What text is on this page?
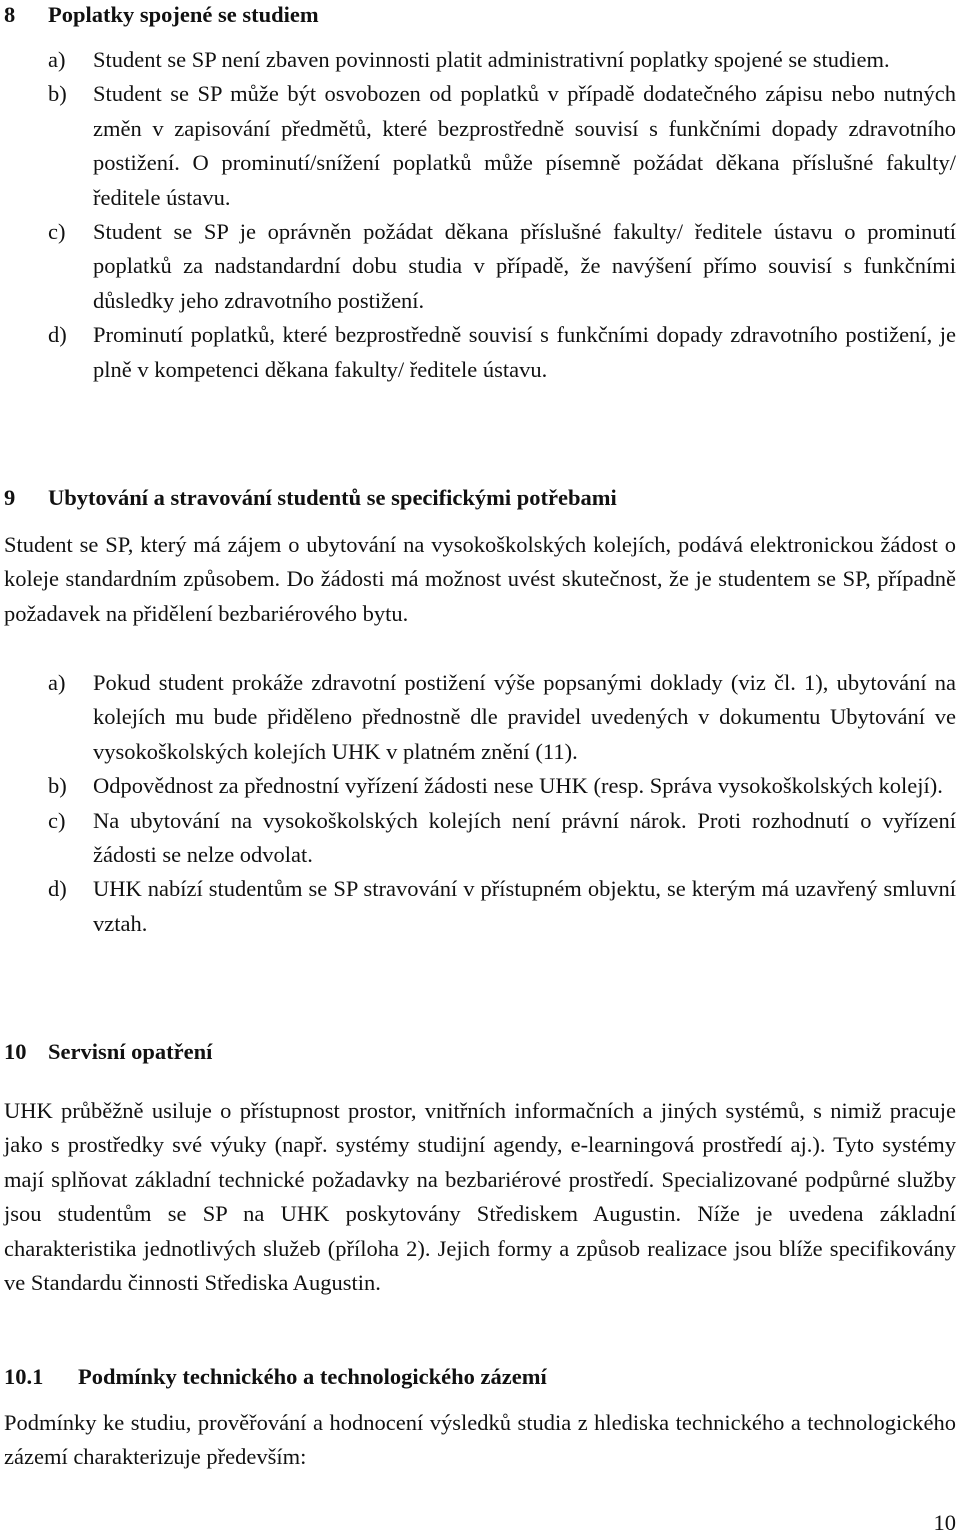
8	Poplatky spojené se studiem
a)	Student se SP není zbaven povinnosti platit administrativní poplatky spojené se studiem.
b)	Student se SP může být osvobozen od poplatků v případě dodatečného zápisu nebo nutných změn v zapisování předmětů, které bezprostředně souvisí s funkčními dopady zdravotního postižení. O prominutí/snížení poplatků může písemně požádat děkana příslušné fakulty/ředitele ústavu.
c)	Student se SP je oprávněn požádat děkana příslušné fakulty/ ředitele ústavu o prominutí poplatků za nadstandardní dobu studia v případě, že navýšení přímo souvisí s funkčními důsledky jeho zdravotního postižení.
d)	Prominutí poplatků, které bezprostředně souvisí s funkčními dopady zdravotního postižení, je plně v kompetenci děkana fakulty/ ředitele ústavu.
9	Ubytování a stravování studentů se specifickými potřebami

Student se SP, který má zájem o ubytování na vysokoškolských kolejích, podává elektronickou žádost o koleje standardním způsobem. Do žádosti má možnost uvést skutečnost, že je studentem se SP, případně požadavek na přidělení bezbariérového bytu.

a)	Pokud student prokáže zdravotní postižení výše popsanými doklady (viz čl. 1), ubytování na kolejích mu bude přiděleno přednostně dle pravidel uvedených v dokumentu Ubytování ve vysokoškolských kolejích UHK v platném znění (11).
b)	Odpovědnost za přednostní vyřízení žádosti nese UHK (resp. Správa vysokoškolských kolejí).
c)	Na ubytování na vysokoškolských kolejích není právní nárok. Proti rozhodnutí o vyřízení žádosti se nelze odvolat.
d)	UHK nabízí studentům se SP stravování v přístupném objektu, se kterým má uzavřený smluvní vztah.
10 Servisní opatření

UHK průběžně usiluje o přístupnost prostor, vnitřních informačních a jiných systémů, s nimiž pracuje jako s prostředky své výuky (např. systémy studijní agendy, e-learningová prostředí aj.). Tyto systémy mají splňovat základní technické požadavky na bezbariérové prostředí. Specializované podpůrné služby jsou studentům se SP na UHK poskytovány Střediskem Augustin. Níže je uvedena základní charakteristika jednotlivých služeb (příloha 2). Jejich formy a způsob realizace jsou blíže specifikovány ve Standardu činnosti Střediska Augustin.

10.1	Podmínky technického a technologického zázemí

Podmínky ke studiu, prověřování a hodnocení výsledků studia z hlediska technického a technologického zázemí charakterizuje především:

10
